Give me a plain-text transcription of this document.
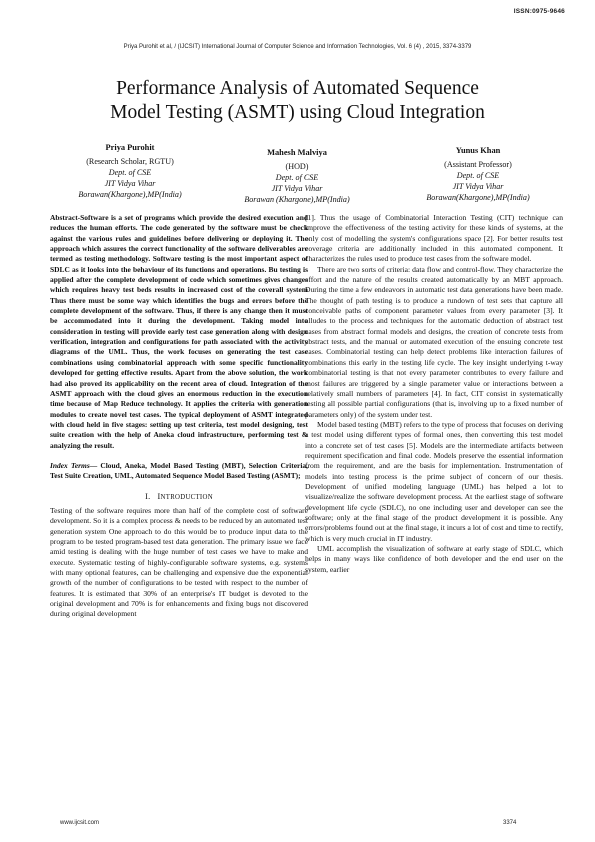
ISSN:0975-9646
Priya Purohit et al, / (IJCSIT) International Journal of Computer Science and Information Technologies, Vol. 6 (4) , 2015, 3374-3379
Performance Analysis of Automated Sequence
Model Testing (ASMT) using Cloud Integration
Priya Purohit
(Research Scholar, RGTU)
Dept. of CSE
JIT Vidya Vihar
Borawan(Khargone),MP(India)
Mahesh Malviya
(HOD)
Dept. of CSE
JIT Vidya Vihar
Borawan (Khargone),MP(India)
Yunus Khan
(Assistant Professor)
Dept. of CSE
JIT Vidya Vihar
Borawan(Khargone),MP(India)

Abstract-Software is a set of programs which provide the desired execution and reduces the human efforts. The code generated by the software must be check against the various rules and guidelines before delivering or deploying it. The approach which assures the correct functionality of the software deliverables are termed as testing methodology. Software testing is the most important aspect of SDLC as it looks into the behaviour of its functions and operations. Bu testing is applied after the complete development of code which sometimes gives changes which requires heavy test beds results in increased cost of the coverall system Thus there must be some way which identifies the bugs and errors before the complete development of the software. Thus, if there is any change then it must be accommodated into it during the development. Taking model into consideration in testing will provide early test case generation along with design verification, integration and configurations for path associated with the activity diagrams of the UML. Thus, the work focuses on generating the test case combinations using combinatorial approach with some specific functionality developed for getting effective results. Apart from the above solution, the work had also proved its applicability on the recent area of cloud. Integration of the ASMT approach with the cloud gives an enormous reduction in the execution time because of Map Reduce technology. It applies the criteria with generation modules to create novel test cases. The typical deployment of ASMT integrated with cloud held in five stages: setting up test criteria, test model designing, test suite creation with the help of Aneka cloud infrastructure, performing test & analyzing the result.

Index Terms— Cloud, Aneka, Model Based Testing (MBT), Selection Criteria, Test Suite Creation, UML, Automated Sequence Model Based Testing (ASMT);

I. INTRODUCTION

Testing of the software requires more than half of the complete cost of software development. So it is a complex process & needs to be reduced by an automated test generation system One approach to do this would be to produce input data to the program to be tested program-based test data generation. The primary issue we face amid testing is dealing with the huge number of test cases we have to make and execute. Systematic testing of highly-configurable software systems, e.g. systems with many optional features, can be challenging and expensive due the exponential growth of the number of configurations to be tested with respect to the number of features. It is estimated that 30% of an enterprise's IT budget is devoted to the original development and 70% is for enhancements and fixing bugs not discovered during original development

[1]. Thus the usage of Combinatorial Interaction Testing (CIT) technique can improve the effectiveness of the testing activity for these kinds of systems, at the only cost of modelling the system's configurations space [2]. For better results test coverage criteria are additionally included in this automated component. It characterizes the rules used to produce test cases from the software model.

There are two sorts of criteria: data flow and control-flow. They characterize the effort and the nature of the results created automatically by an MBT approach. During the time a few endeavors in automatic test data generations have been made. The thought of path testing is to produce a rundown of test sets that capture all conceivable paths of component parameter values from every parameter [3]. It alludes to the process and techniques for the automatic deduction of abstract test cases from abstract formal models and designs, the creation of concrete tests from abstract tests, and the manual or automated execution of the ensuing concrete test cases. Combinatorial testing can help detect problems like interaction failures of combinations this early in the testing life cycle. The key insight underlying t-way combinatorial testing is that not every parameter contributes to every failure and most failures are triggered by a single parameter value or interactions between a relatively small numbers of parameters [4]. In fact, CIT consist in systematically testing all possible partial configurations (that is, involving up to a fixed number of parameters only) of the system under test.

Model based testing (MBT) refers to the type of process that focuses on deriving a test model using different types of formal ones, then converting this test model into a concrete set of test cases [5]. Models are the intermediate artifacts between requirement specification and final code. Models preserve the essential information from the requirement, and are the basis for implementation. Instrumentation of models into testing process is the prime subject of concern of our thesis. Development of unified modeling language (UML) has helped a lot to visualize/realize the software development process. At the earliest stage of software development life cycle (SDLC), no one including user and developer can see the software; only at the final stage of the product development it is possible. Any errors/problems found out at the final stage, it incurs a lot of cost and time to rectify, which is very much crucial in IT industry.

UML accomplish the visualization of software at early stage of SDLC, which helps in many ways like confidence of both developer and the end user on the system, earlier

www.ijcsit.com	3374
